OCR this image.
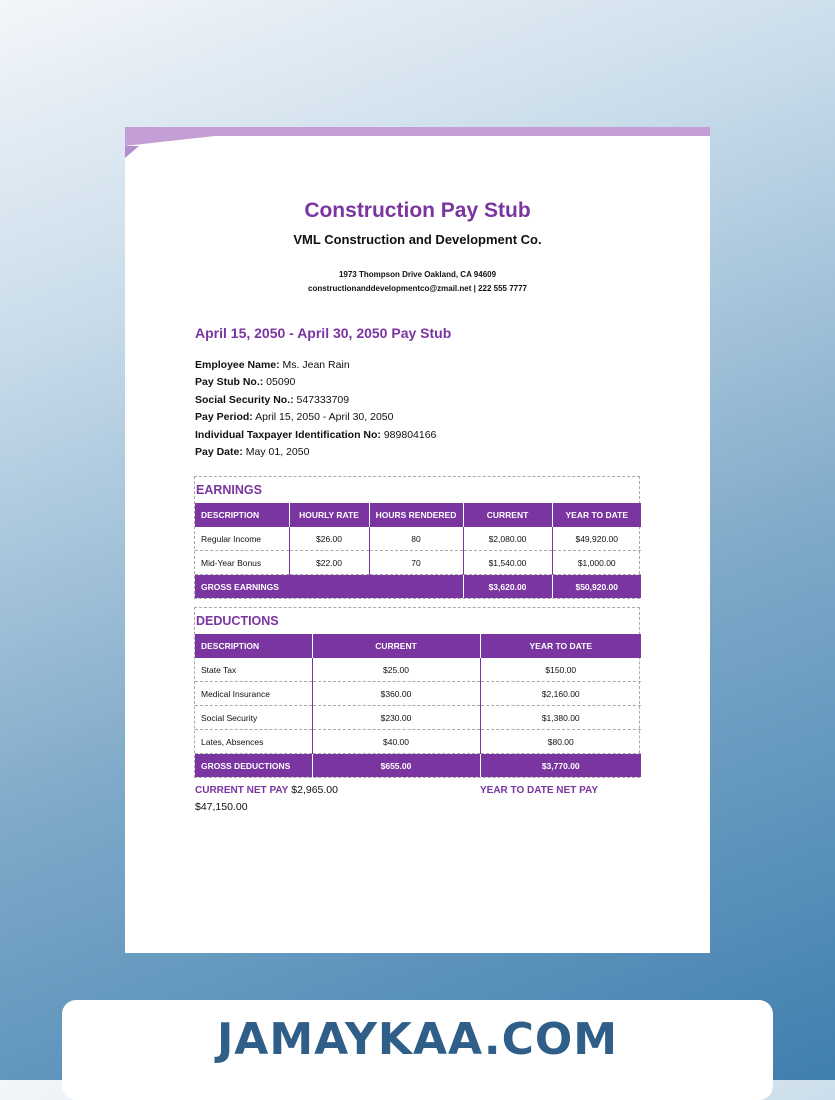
Construction Pay Stub
VML Construction and Development Co.
1973 Thompson Drive Oakland, CA 94609
constructionanddevelopmentco@zmail.net | 222 555 7777
April 15, 2050 - April 30, 2050 Pay Stub
Employee Name: Ms. Jean Rain
Pay Stub No.: 05090
Social Security No.: 547333709
Pay Period: April 15, 2050 - April 30, 2050
Individual Taxpayer Identification No: 989804166
Pay Date: May 01, 2050
EARNINGS
DESCRIPTION	HOURLY RATE	HOURS RENDERED	CURRENT	YEAR TO DATE
Regular Income	$26.00	80	$2,080.00	$49,920.00
Mid-Year Bonus	$22.00	70	$1,540.00	$1,000.00
GROSS EARNINGS			$3,620.00	$50,920.00
DEDUCTIONS
DESCRIPTION	CURRENT	YEAR TO DATE
State Tax	$25.00	$150.00
Medical Insurance	$360.00	$2,160.00
Social Security	$230.00	$1,380.00
Lates, Absences	$40.00	$80.00
GROSS DEDUCTIONS	$655.00	$3,770.00
CURRENT NET PAY $2,965.00	YEAR TO DATE NET PAY
$47,150.00
JAMAYKAA.COM
